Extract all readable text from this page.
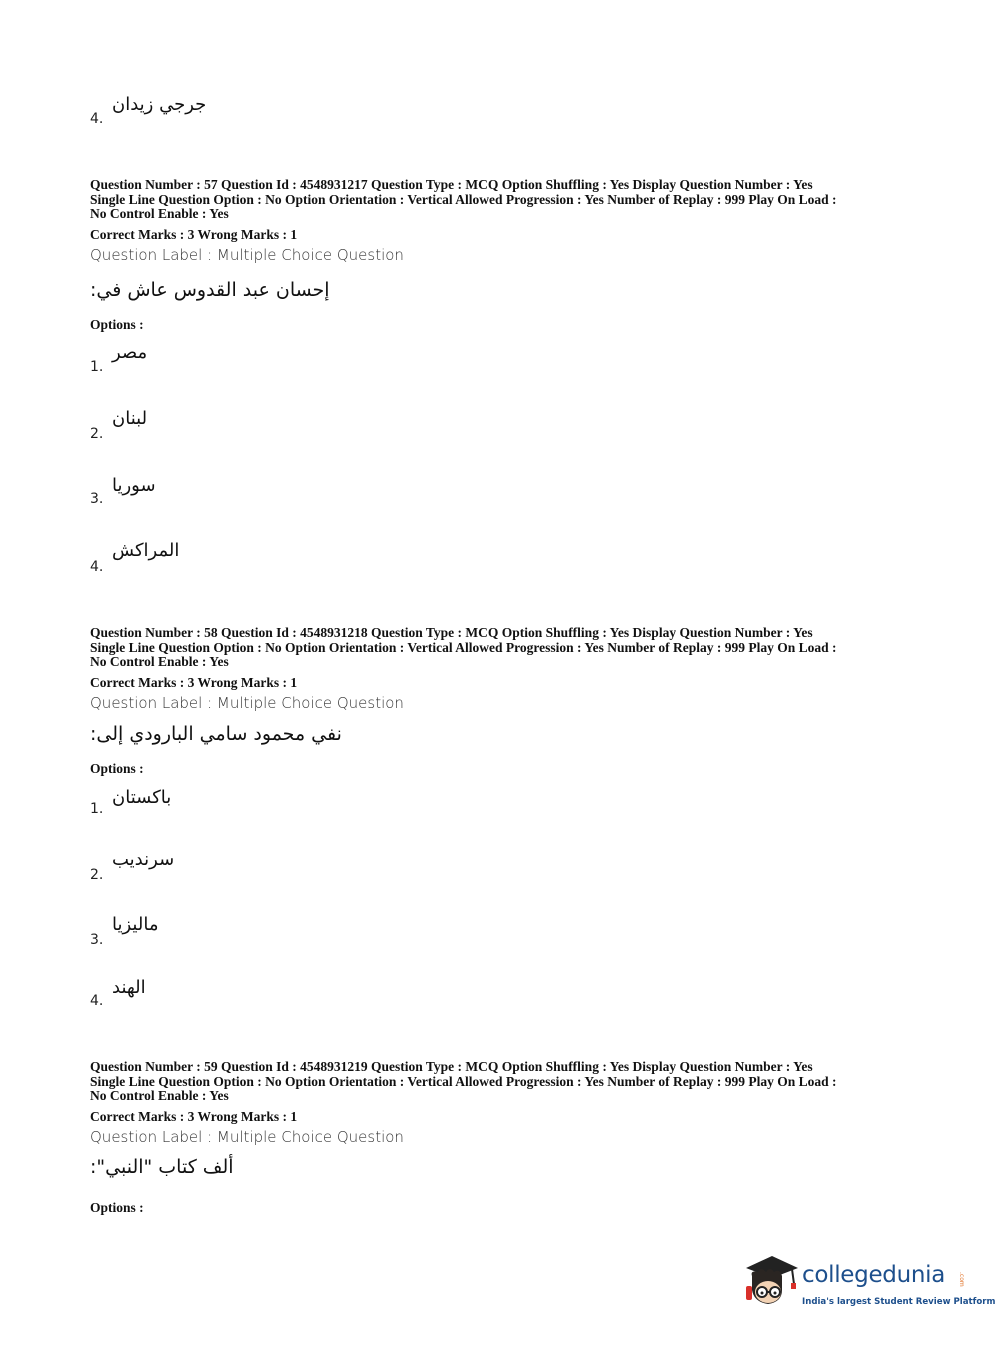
4.
جرجي زيدان
Question Number : 57 Question Id : 4548931217 Question Type : MCQ Option Shuffling : Yes Display Question Number : Yes
Single Line Question Option : No Option Orientation : Vertical Allowed Progression : Yes Number of Replay : 999 Play On Load :
No Control Enable : Yes
Correct Marks : 3 Wrong Marks : 1
Question Label : Multiple Choice Question
إحسان عبد القدوس عاش في:
Options :
1.
مصر
2.
لبنان
3.
سوريا
4.
المراكش
Question Number : 58 Question Id : 4548931218 Question Type : MCQ Option Shuffling : Yes Display Question Number : Yes
Single Line Question Option : No Option Orientation : Vertical Allowed Progression : Yes Number of Replay : 999 Play On Load :
No Control Enable : Yes
Correct Marks : 3 Wrong Marks : 1
Question Label : Multiple Choice Question
نفي محمود سامي البارودي إلى:
Options :
1.
باكستان
2.
سرنديب
3.
ماليزيا
4.
الهند
Question Number : 59 Question Id : 4548931219 Question Type : MCQ Option Shuffling : Yes Display Question Number : Yes
Single Line Question Option : No Option Orientation : Vertical Allowed Progression : Yes Number of Replay : 999 Play On Load :
No Control Enable : Yes
Correct Marks : 3 Wrong Marks : 1
Question Label : Multiple Choice Question
ألف كتاب "النبي":
Options :
collegedunia .com
India's largest Student Review Platform
